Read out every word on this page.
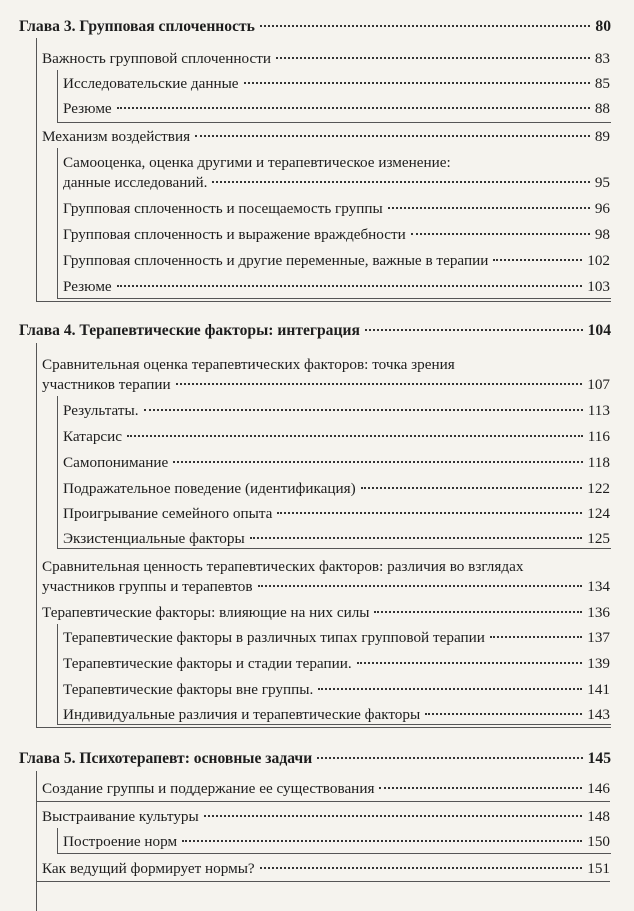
Глава 3. Групповая сплоченность	80
Важность групповой сплоченности	83
Исследовательские данные	85
Резюме	88
Механизм воздействия	89
Самооценка, оценка другими и терапевтическое изменение:
данные исследований.	95
Групповая сплоченность и посещаемость группы	96
Групповая сплоченность и выражение враждебности	98
Групповая сплоченность и другие переменные, важные в терапии	102
Резюме	103
Глава 4. Терапевтические факторы: интеграция	104
Сравнительная оценка терапевтических факторов: точка зрения
участников терапии	107
Результаты.	113
Катарсис	116
Самопонимание	118
Подражательное поведение (идентификация)	122
Проигрывание семейного опыта	124
Экзистенциальные факторы	125
Сравнительная ценность терапевтических факторов: различия во взглядах
участников группы и терапевтов	134
Терапевтические факторы: влияющие на них силы	136
Терапевтические факторы в различных типах групповой терапии	137
Терапевтические факторы и стадии терапии.	139
Терапевтические факторы вне группы.	141
Индивидуальные различия и терапевтические факторы	143
Глава 5. Психотерапевт: основные задачи	145
Создание группы и поддержание ее существования	146
Выстраивание культуры	148
Построение норм	150
Как ведущий формирует нормы?	151
